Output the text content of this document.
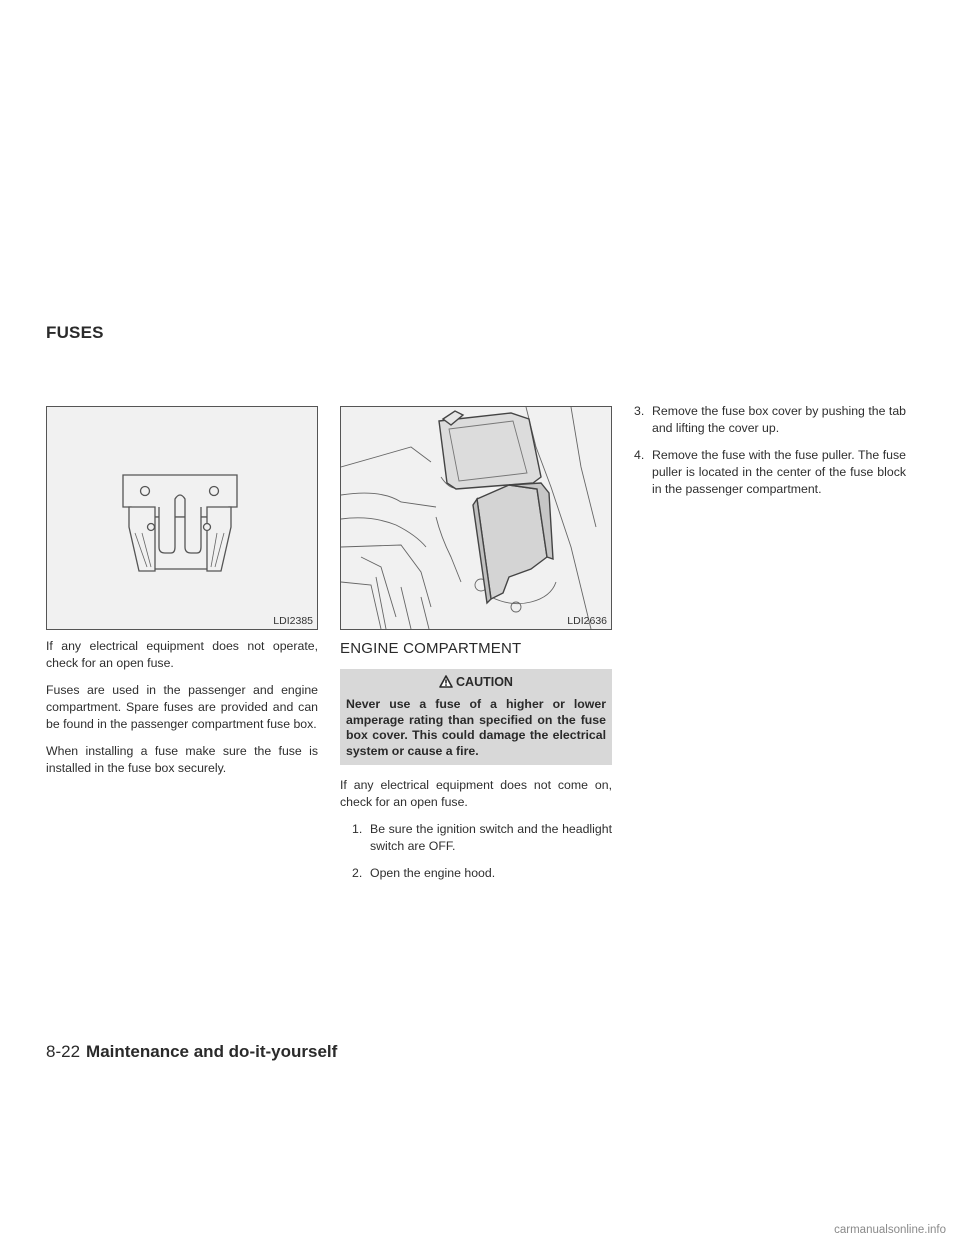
FUSES
LDI2385

If any electrical equipment does not operate, check for an open fuse.

Fuses are used in the passenger and engine compartment. Spare fuses are provided and can be found in the passenger compartment fuse box.

When installing a fuse make sure the fuse is installed in the fuse box securely.

LDI2636
ENGINE COMPARTMENT
CAUTION
Never use a fuse of a higher or lower amperage rating than specified on the fuse box cover. This could damage the electrical system or cause a fire.

If any electrical equipment does not come on, check for an open fuse.

1. Be sure the ignition switch and the headlight switch are OFF.
2. Open the engine hood.
3. Remove the fuse box cover by pushing the tab and lifting the cover up.
4. Remove the fuse with the fuse puller. The fuse puller is located in the center of the fuse block in the passenger compartment.
8-22 Maintenance and do-it-yourself
carmanualsonline.info
